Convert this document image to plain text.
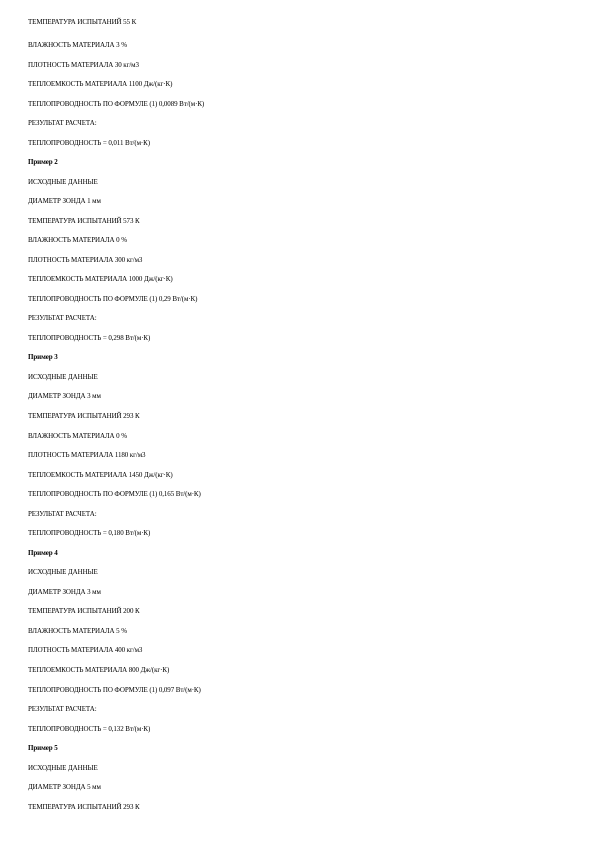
ТЕМПЕРАТУРА ИСПЫТАНИЙ 55 К
ВЛАЖНОСТЬ МАТЕРИАЛА 3 %
ПЛОТНОСТЬ МАТЕРИАЛА 30 кг/м3
ТЕПЛОЕМКОСТЬ МАТЕРИАЛА 1100 Дж/(кг·К)
ТЕПЛОПРОВОДНОСТЬ ПО ФОРМУЛЕ (1) 0,0089 Вт/(м·К)
РЕЗУЛЬТАТ РАСЧЕТА:
ТЕПЛОПРОВОДНОСТЬ = 0,011 Вт/(м·К)
Пример 2
ИСХОДНЫЕ ДАННЫЕ
ДИАМЕТР ЗОНДА 1 мм
ТЕМПЕРАТУРА ИСПЫТАНИЙ 573 К
ВЛАЖНОСТЬ МАТЕРИАЛА 0 %
ПЛОТНОСТЬ МАТЕРИАЛА 300 кг/м3
ТЕПЛОЕМКОСТЬ МАТЕРИАЛА 1000 Дж/(кг·К)
ТЕПЛОПРОВОДНОСТЬ ПО ФОРМУЛЕ (1) 0,29 Вт/(м·К)
РЕЗУЛЬТАТ РАСЧЕТА:
ТЕПЛОПРОВОДНОСТЬ = 0,298 Вт/(м·К)
Пример 3
ИСХОДНЫЕ ДАННЫЕ
ДИАМЕТР ЗОНДА 3 мм
ТЕМПЕРАТУРА ИСПЫТАНИЙ 293 К
ВЛАЖНОСТЬ МАТЕРИАЛА 0 %
ПЛОТНОСТЬ МАТЕРИАЛА 1180 кг/м3
ТЕПЛОЕМКОСТЬ МАТЕРИАЛА 1450 Дж/(кг·К)
ТЕПЛОПРОВОДНОСТЬ ПО ФОРМУЛЕ (1) 0,165 Вт/(м·К)
РЕЗУЛЬТАТ РАСЧЕТА:
ТЕПЛОПРОВОДНОСТЬ = 0,180 Вт/(м·К)
Пример 4
ИСХОДНЫЕ ДАННЫЕ
ДИАМЕТР ЗОНДА 3 мм
ТЕМПЕРАТУРА ИСПЫТАНИЙ 200 К
ВЛАЖНОСТЬ МАТЕРИАЛА 5 %
ПЛОТНОСТЬ МАТЕРИАЛА 400 кг/м3
ТЕПЛОЕМКОСТЬ МАТЕРИАЛА 800 Дж/(кг·К)
ТЕПЛОПРОВОДНОСТЬ ПО ФОРМУЛЕ (1) 0,097 Вт/(м·К)
РЕЗУЛЬТАТ РАСЧЕТА:
ТЕПЛОПРОВОДНОСТЬ = 0,132 Вт/(м·К)
Пример 5
ИСХОДНЫЕ ДАННЫЕ
ДИАМЕТР ЗОНДА 5 мм
ТЕМПЕРАТУРА ИСПЫТАНИЙ 293 К
